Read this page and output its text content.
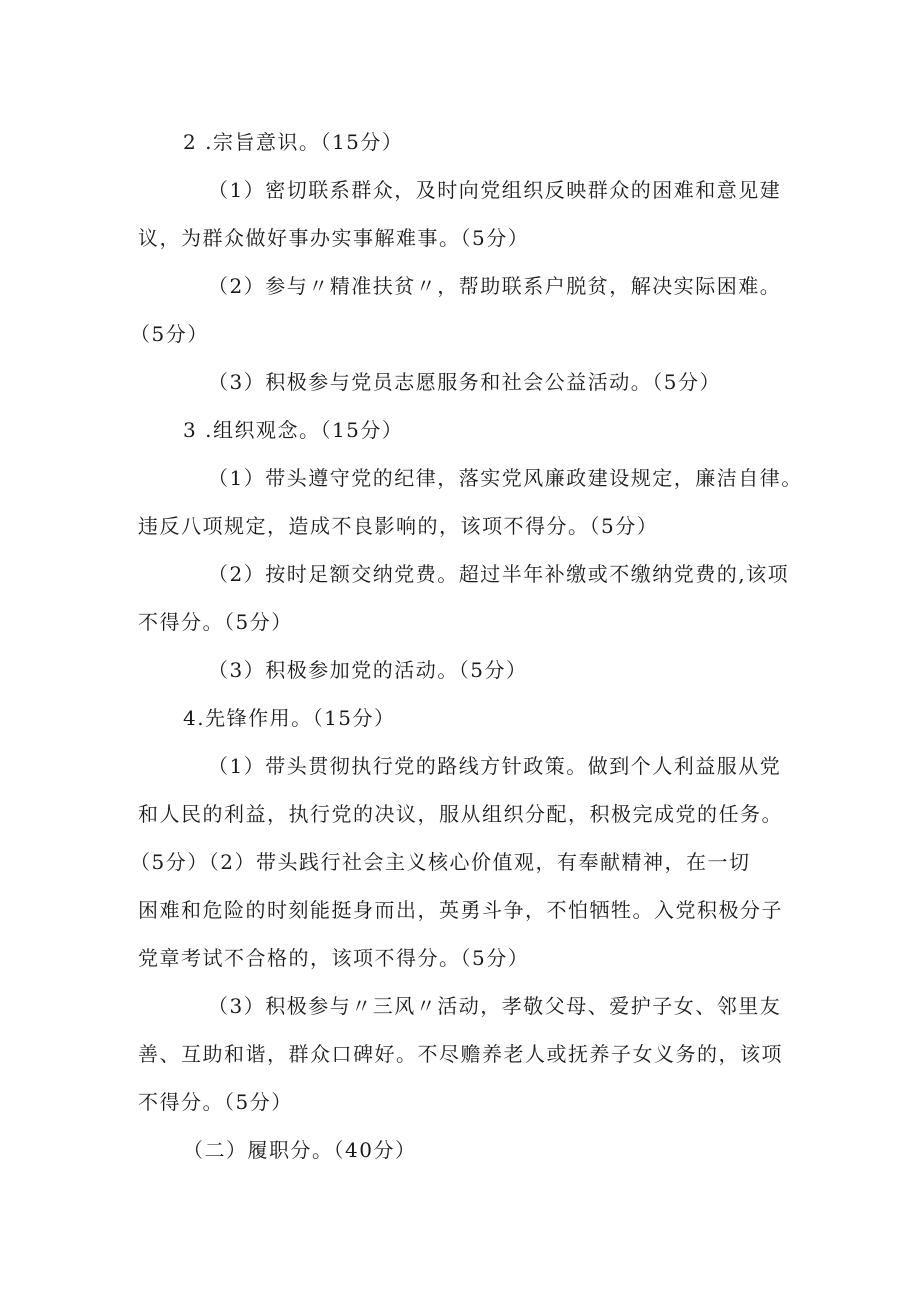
2 .宗旨意识。（15分）
（1）密切联系群众，及时向党组织反映群众的困难和意见建
议，为群众做好事办实事解难事。（5分）
（2）参与〃精准扶贫〃，帮助联系户脱贫，解决实际困难。
（5分）
（3）积极参与党员志愿服务和社会公益活动。（5分）
3 .组织观念。（15分）
（1）带头遵守党的纪律，落实党风廉政建设规定，廉洁自律。
违反八项规定，造成不良影响的，该项不得分。（5分）
（2）按时足额交纳党费。超过半年补缴或不缴纳党费的,该项
不得分。（5分）
（3）积极参加党的活动。（5分）
4.先锋作用。（15分）
（1）带头贯彻执行党的路线方针政策。做到个人利益服从党
和人民的利益，执行党的决议，服从组织分配，积极完成党的任务。
（5分）（2）带头践行社会主义核心价值观，有奉献精神，在一切
困难和危险的时刻能挺身而出，英勇斗争，不怕牺牲。入党积极分子
党章考试不合格的，该项不得分。（5分）
（3）积极参与〃三风〃活动，孝敬父母、爱护子女、邻里友
善、互助和谐，群众口碑好。不尽赡养老人或抚养子女义务的，该项
不得分。（5分）
（二）履职分。（40分）
